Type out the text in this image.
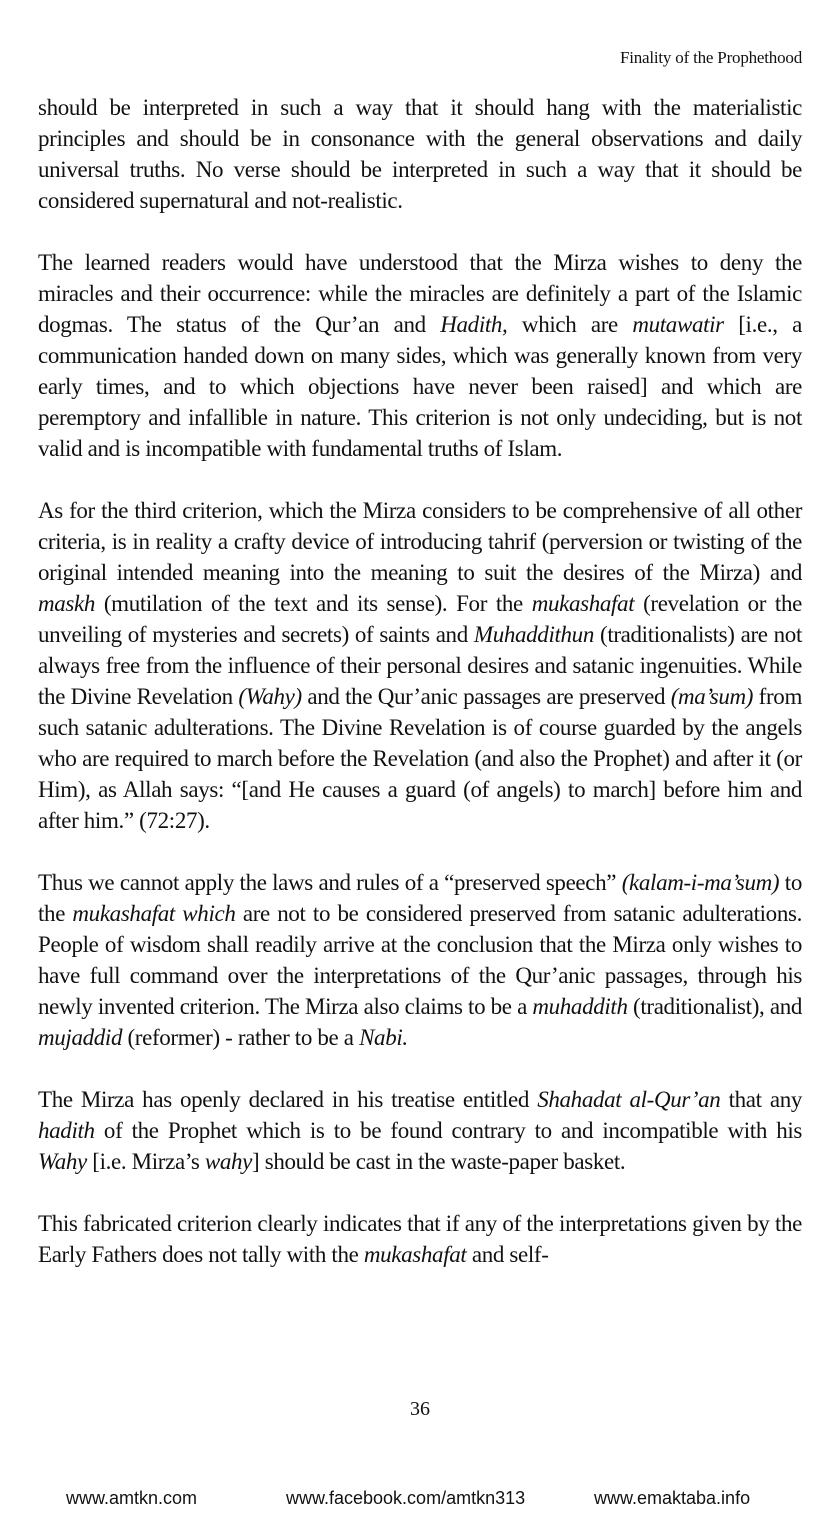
Finality of the Prophethood

should be interpreted in such a way that it should hang with the materialistic principles and should be in consonance with the general observations and daily universal truths. No verse should be interpreted in such a way that it should be considered supernatural and not-realistic.

The learned readers would have understood that the Mirza wishes to deny the miracles and their occurrence: while the miracles are definitely a part of the Islamic dogmas. The status of the Qur’an and Hadith, which are mutawatir [i.e., a communication handed down on many sides, which was generally known from very early times, and to which objections have never been raised] and which are peremptory and infallible in nature. This criterion is not only undeciding, but is not valid and is incompatible with fundamental truths of Islam.

As for the third criterion, which the Mirza considers to be comprehensive of all other criteria, is in reality a crafty device of introducing tahrif (perversion or twisting of the original intended meaning into the meaning to suit the desires of the Mirza) and maskh (mutilation of the text and its sense). For the mukashafat (revelation or the unveiling of mysteries and secrets) of saints and Muhaddithun (traditionalists) are not always free from the influence of their personal desires and satanic ingenuities. While the Divine Revelation (Wahy) and the Qur’anic passages are preserved (ma’sum) from such satanic adulterations. The Divine Revelation is of course guarded by the angels who are required to march before the Revelation (and also the Prophet) and after it (or Him), as Allah says: “[and He causes a guard (of angels) to march] before him and after him.” (72:27).

Thus we cannot apply the laws and rules of a “preserved speech” (kalam-i-ma’sum) to the mukashafat which are not to be considered preserved from satanic adulterations. People of wisdom shall readily arrive at the conclusion that the Mirza only wishes to have full command over the interpretations of the Qur’anic passages, through his newly invented criterion. The Mirza also claims to be a muhaddith (traditionalist), and mujaddid (reformer) - rather to be a Nabi.

The Mirza has openly declared in his treatise entitled Shahadat al-Qur’an that any hadith of the Prophet which is to be found contrary to and incompatible with his Wahy [i.e. Mirza’s wahy] should be cast in the waste-paper basket.

This fabricated criterion clearly indicates that if any of the interpretations given by the Early Fathers does not tally with the mukashafat and self-

36
www.amtkn.com	www.facebook.com/amtkn313	www.emaktaba.info
